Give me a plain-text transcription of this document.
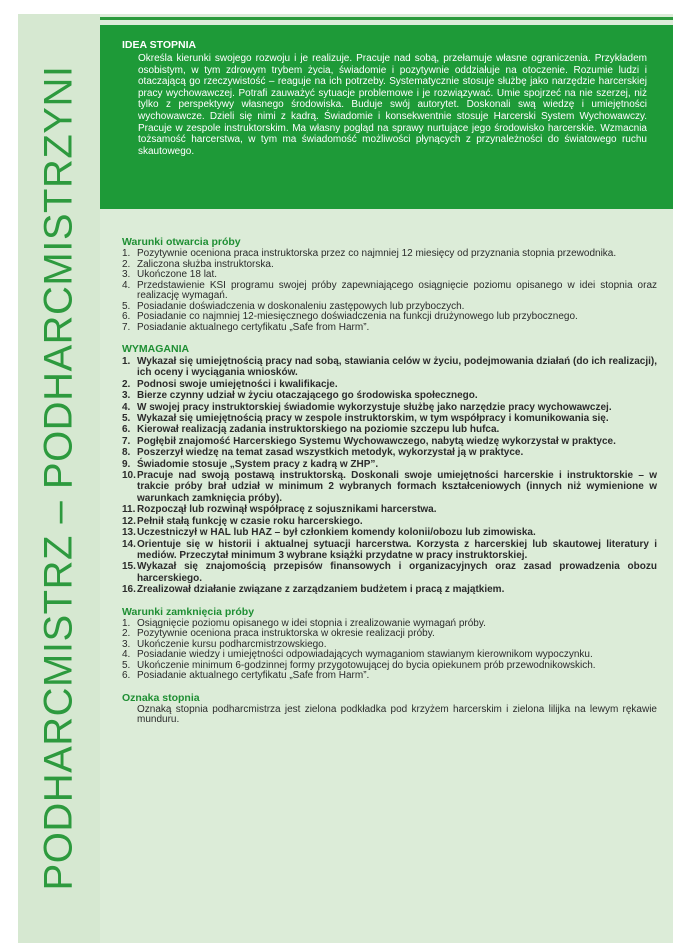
PODHARCMISTRZ – PODHARCMISTRZYNI
IDEA STOPNIA
Określa kierunki swojego rozwoju i je realizuje. Pracuje nad sobą, przełamuje własne ograniczenia. Przykładem osobistym, w tym zdrowym trybem życia, świadomie i pozytywnie oddziałuje na otoczenie. Rozumie ludzi i otaczającą go rzeczywistość – reaguje na ich potrzeby. Systematycznie stosuje służbę jako narzędzie harcerskiej pracy wychowawczej. Potrafi zauważyć sytuacje problemowe i je rozwiązywać. Umie spojrzeć na nie szerzej, niż tylko z perspektywy własnego środowiska. Buduje swój autorytet. Doskonali swą wiedzę i umiejętności wychowawcze. Dzieli się nimi z kadrą. Świadomie i konsekwentnie stosuje Harcerski System Wychowawczy. Pracuje w zespole instruktorskim. Ma własny pogląd na sprawy nurtujące jego środowisko harcerskie. Wzmacnia tożsamość harcerstwa, w tym ma świadomość możliwości płynących z przynależności do światowego ruchu skautowego.
Warunki otwarcia próby
1. Pozytywnie oceniona praca instruktorska przez co najmniej 12 miesięcy od przyznania stopnia przewodnika.
2. Zaliczona służba instruktorska.
3. Ukończone 18 lat.
4. Przedstawienie KSI programu swojej próby zapewniającego osiągnięcie poziomu opisanego w idei stopnia oraz realizację wymagań.
5. Posiadanie doświadczenia w doskonaleniu zastępowych lub przyboczych.
6. Posiadanie co najmniej 12-miesięcznego doświadczenia na funkcji drużynowego lub przybocznego.
7. Posiadanie aktualnego certyfikatu „Safe from Harm”.
WYMAGANIA
1. Wykazał się umiejętnością pracy nad sobą, stawiania celów w życiu, podejmowania działań (do ich realizacji), ich oceny i wyciągania wniosków.
2. Podnosi swoje umiejętności i kwalifikacje.
3. Bierze czynny udział w życiu otaczającego go środowiska społecznego.
4. W swojej pracy instruktorskiej świadomie wykorzystuje służbę jako narzędzie pracy wychowawczej.
5. Wykazał się umiejętnością pracy w zespole instruktorskim, w tym współpracy i komunikowania się.
6. Kierował realizacją zadania instruktorskiego na poziomie szczepu lub hufca.
7. Pogłębił znajomość Harcerskiego Systemu Wychowawczego, nabytą wiedzę wykorzystał w praktyce.
8. Poszerzył wiedzę na temat zasad wszystkich metodyk, wykorzystał ją w praktyce.
9. Świadomie stosuje „System pracy z kadrą w ZHP”.
10. Pracuje nad swoją postawą instruktorską. Doskonali swoje umiejętności harcerskie i instruktorskie – w trakcie próby brał udział w minimum 2 wybranych formach kształceniowych (innych niż wymienione w warunkach zamknięcia próby).
11. Rozpoczął lub rozwinął współpracę z sojusznikami harcerstwa.
12. Pełnił stałą funkcję w czasie roku harcerskiego.
13. Uczestniczył w HAL lub HAZ – był członkiem komendy kolonii/obozu lub zimowiska.
14. Orientuje się w historii i aktualnej sytuacji harcerstwa. Korzysta z harcerskiej lub skautowej literatury i mediów. Przeczytał minimum 3 wybrane książki przydatne w pracy instruktorskiej.
15. Wykazał się znajomością przepisów finansowych i organizacyjnych oraz zasad prowadzenia obozu harcerskiego.
16. Zrealizował działanie związane z zarządzaniem budżetem i pracą z majątkiem.
Warunki zamknięcia próby
1. Osiągnięcie poziomu opisanego w idei stopnia i zrealizowanie wymagań próby.
2. Pozytywnie oceniona praca instruktorska w okresie realizacji próby.
3. Ukończenie kursu podharcmistrzowskiego.
4. Posiadanie wiedzy i umiejętności odpowiadających wymaganiom stawianym kierownikom wypoczynku.
5. Ukończenie minimum 6-godzinnej formy przygotowującej do bycia opiekunem prób przewodnikowskich.
6. Posiadanie aktualnego certyfikatu „Safe from Harm”.
Oznaka stopnia
Oznaką stopnia podharcmistrza jest zielona podkładka pod krzyżem harcerskim i zielona lilijka na lewym rękawie munduru.
